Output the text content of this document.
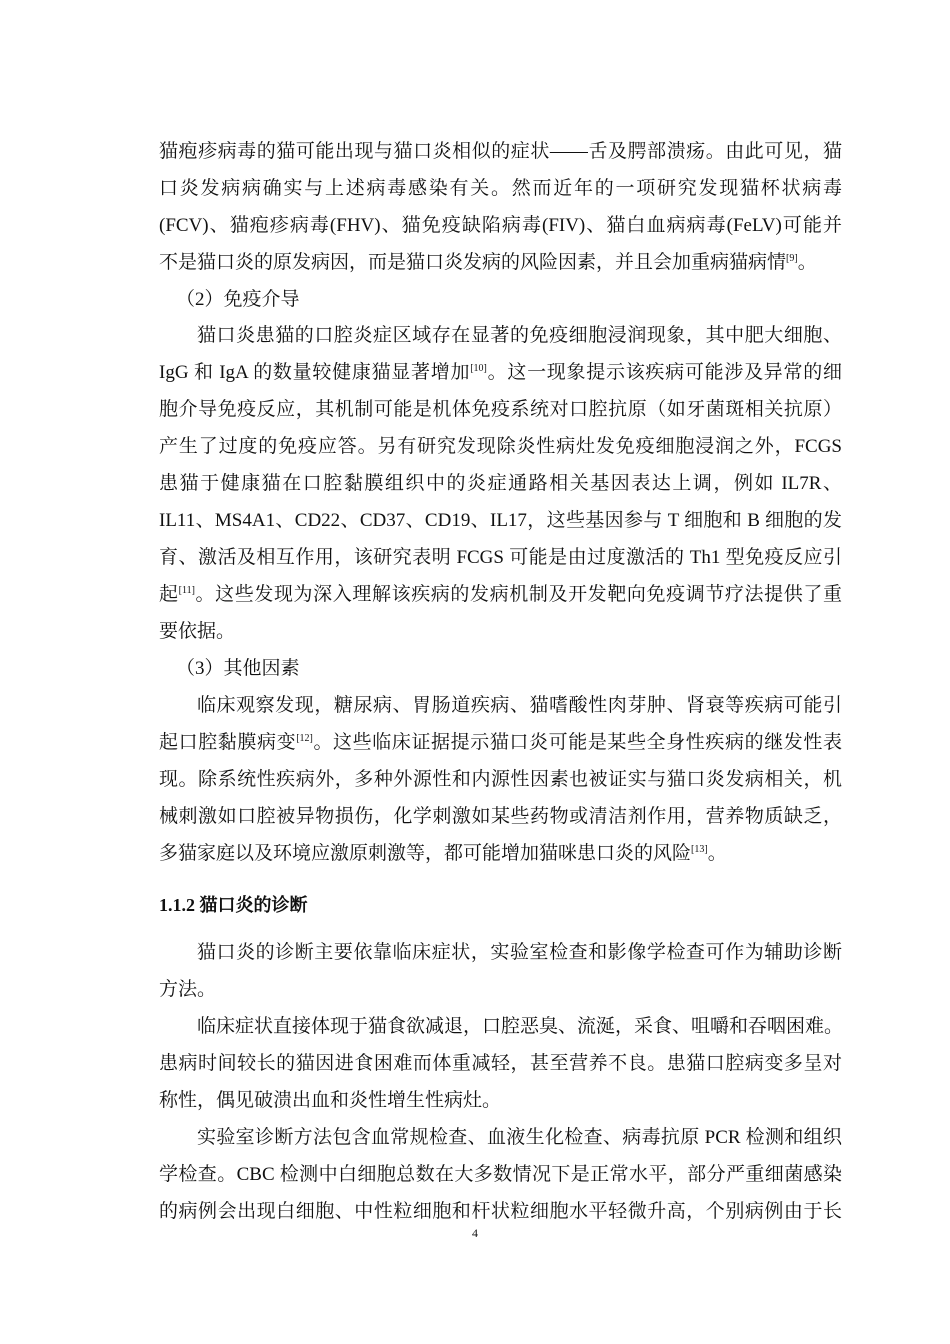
猫疱疹病毒的猫可能出现与猫口炎相似的症状——舌及腭部溃疡。由此可见，猫
口炎发病病确实与上述病毒感染有关。然而近年的一项研究发现猫杯状病毒
(FCV)、猫疱疹病毒(FHV)、猫免疫缺陷病毒(FIV)、猫白血病病毒(FeLV)可能并
不是猫口炎的原发病因，而是猫口炎发病的风险因素，并且会加重病猫病情[9]。
（2）免疫介导
猫口炎患猫的口腔炎症区域存在显著的免疫细胞浸润现象，其中肥大细胞、
IgG 和 IgA 的数量较健康猫显著增加[10]。这一现象提示该疾病可能涉及异常的细
胞介导免疫反应，其机制可能是机体免疫系统对口腔抗原（如牙菌斑相关抗原）
产生了过度的免疫应答。另有研究发现除炎性病灶发免疫细胞浸润之外，FCGS
患猫于健康猫在口腔黏膜组织中的炎症通路相关基因表达上调，例如 IL7R、
IL11、MS4A1、CD22、CD37、CD19、IL17，这些基因参与 T 细胞和 B 细胞的发
育、激活及相互作用，该研究表明 FCGS 可能是由过度激活的 Th1 型免疫反应引
起[11]。这些发现为深入理解该疾病的发病机制及开发靶向免疫调节疗法提供了重
要依据。
（3）其他因素
临床观察发现，糖尿病、胃肠道疾病、猫嗜酸性肉芽肿、肾衰等疾病可能引
起口腔黏膜病变[12]。这些临床证据提示猫口炎可能是某些全身性疾病的继发性表
现。除系统性疾病外，多种外源性和内源性因素也被证实与猫口炎发病相关，机
械刺激如口腔被异物损伤，化学刺激如某些药物或清洁剂作用，营养物质缺乏，
多猫家庭以及环境应激原刺激等，都可能增加猫咪患口炎的风险[13]。
1.1.2 猫口炎的诊断
猫口炎的诊断主要依靠临床症状，实验室检查和影像学检查可作为辅助诊断
方法。
临床症状直接体现于猫食欲减退，口腔恶臭、流涎，采食、咀嚼和吞咽困难。
患病时间较长的猫因进食困难而体重减轻，甚至营养不良。患猫口腔病变多呈对
称性，偶见破溃出血和炎性增生性病灶。
实验室诊断方法包含血常规检查、血液生化检查、病毒抗原 PCR 检测和组织
学检查。CBC 检测中白细胞总数在大多数情况下是正常水平，部分严重细菌感染
的病例会出现白细胞、中性粒细胞和杆状粒细胞水平轻微升高，个别病例由于长
4
